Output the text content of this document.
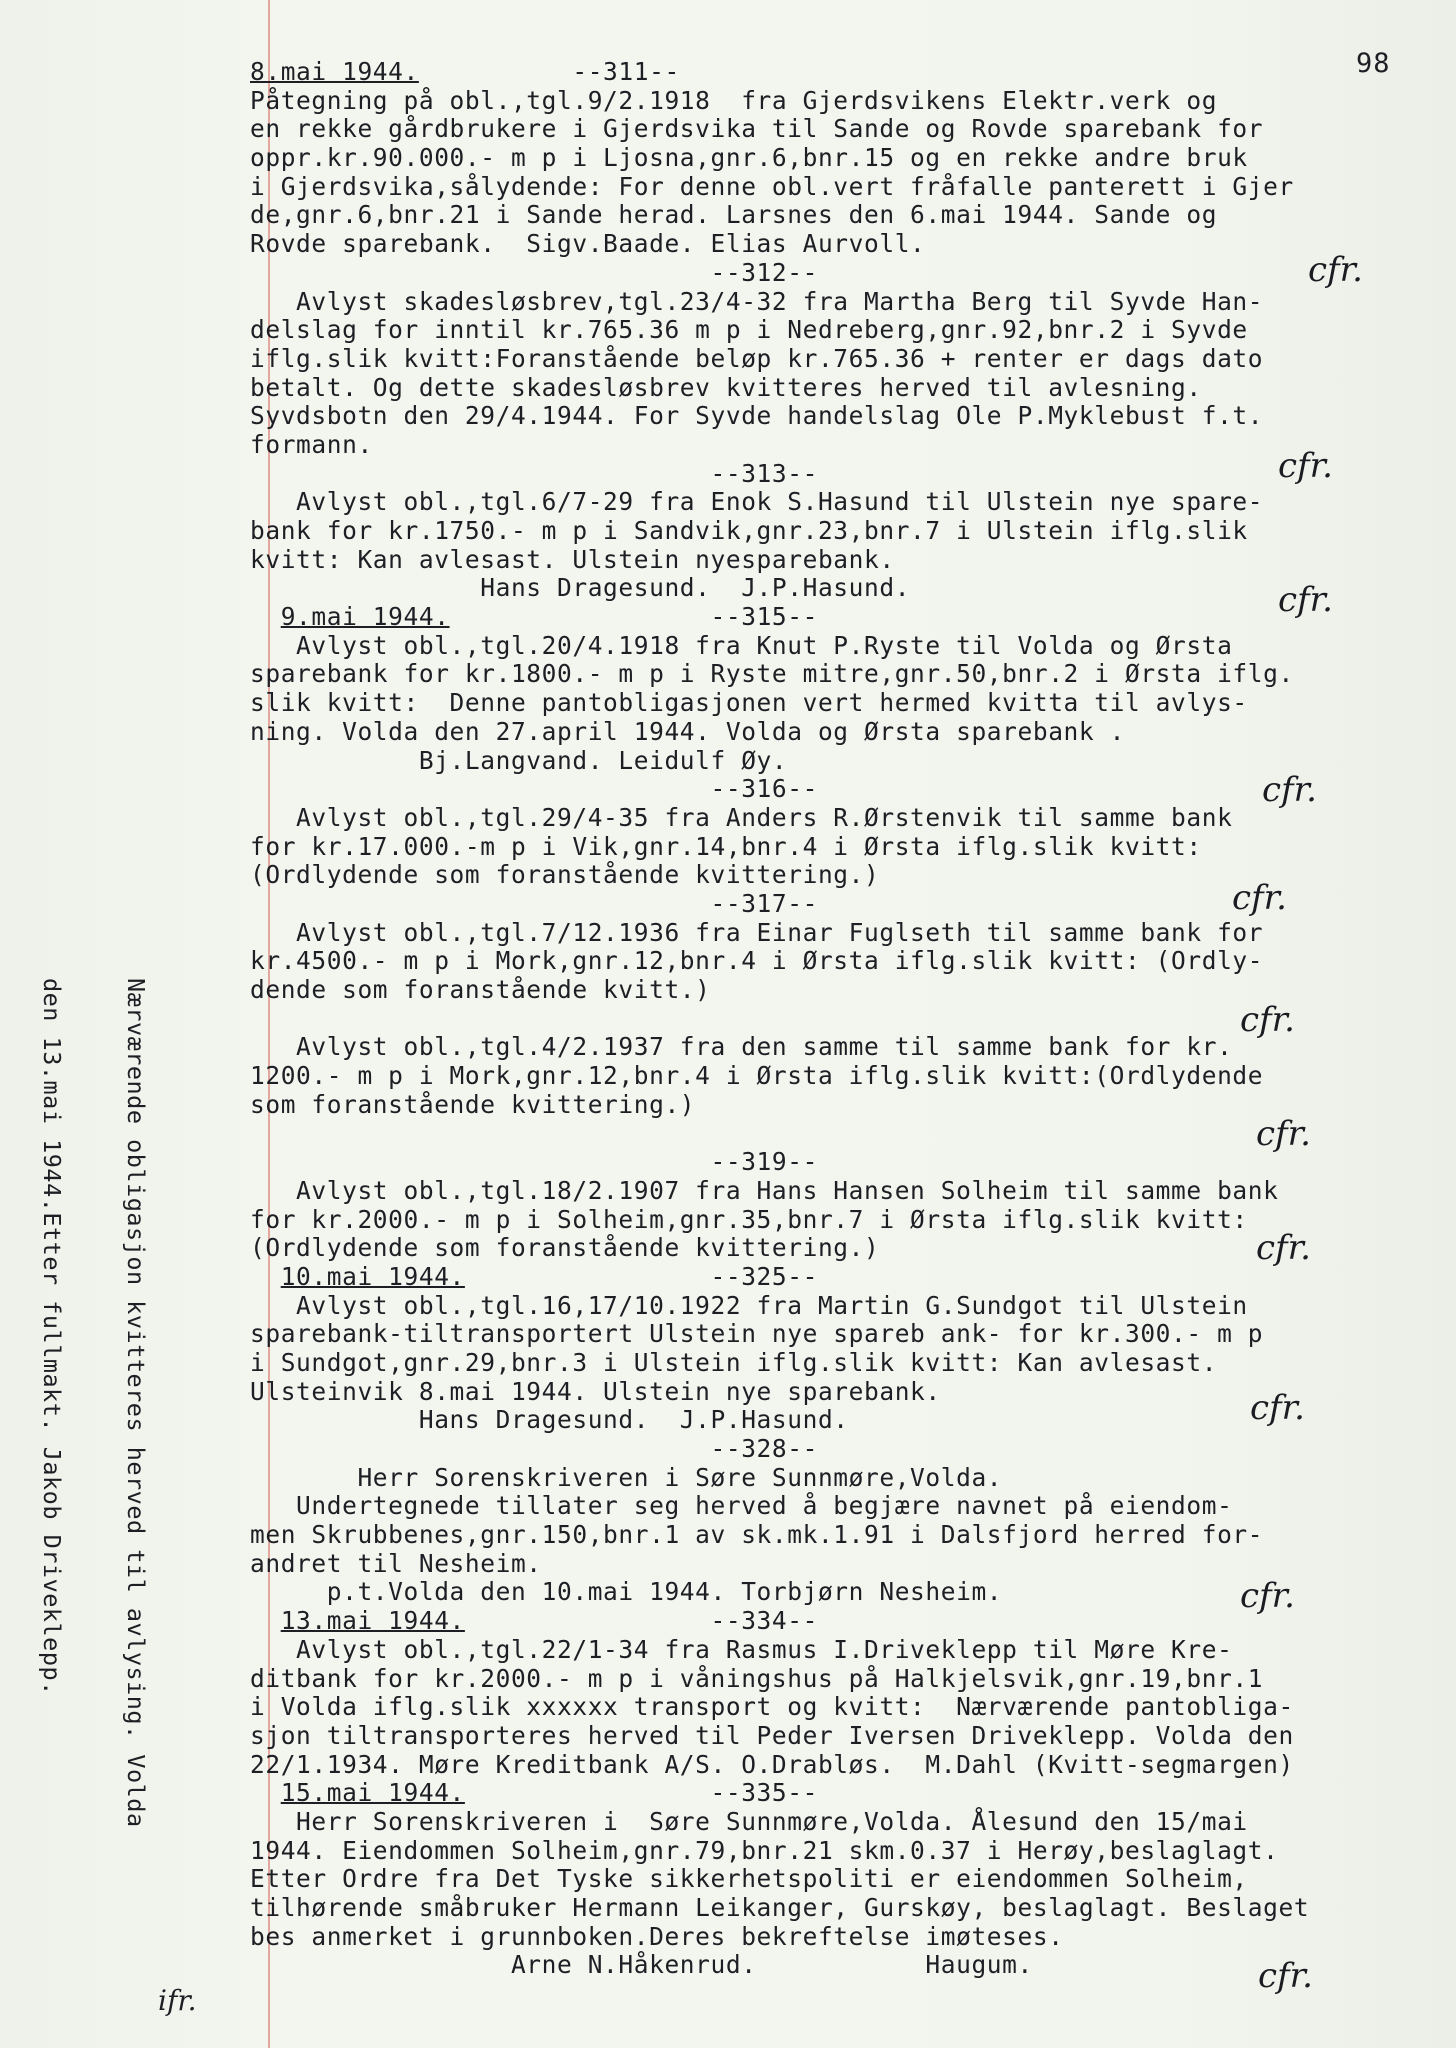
98
8.mai 1944.          --311--
Påtegning på obl.,tgl.9/2.1918  fra Gjerdsvikens Elektr.verk og
en rekke gårdbrukere i Gjerdsvika til Sande og Rovde sparebank for
oppr.kr.90.000.- m p i Ljosna,gnr.6,bnr.15 og en rekke andre bruk
i Gjerdsvika,sålydende: For denne obl.vert fråfalle panterett i Gjer
de,gnr.6,bnr.21 i Sande herad. Larsnes den 6.mai 1944. Sande og
Rovde sparebank.  Sigv.Baade. Elias Aurvoll.
--312--
Avlyst skadesløsbrev,tgl.23/4-32 fra Martha Berg til Syvde Han-
delslag for inntil kr.765.36 m p i Nedreberg,gnr.92,bnr.2 i Syvde
iflg.slik kvitt:Foranstående beløp kr.765.36 + renter er dags dato
betalt. Og dette skadesløsbrev kvitteres herved til avlesning.
Syvdsbotn den 29/4.1944. For Syvde handelslag Ole P.Myklebust f.t.
formann.
--313--
Avlyst obl.,tgl.6/7-29 fra Enok S.Hasund til Ulstein nye spare-
bank for kr.1750.- m p i Sandvik,gnr.23,bnr.7 i Ulstein iflg.slik
kvitt: Kan avlesast. Ulstein nyesparebank.
Hans Dragesund.  J.P.Hasund.
9.mai 1944.                 --315--
Avlyst obl.,tgl.20/4.1918 fra Knut P.Ryste til Volda og Ørsta
sparebank for kr.1800.- m p i Ryste mitre,gnr.50,bnr.2 i Ørsta iflg.
slik kvitt:  Denne pantobligasjonen vert hermed kvitta til avlys-
ning. Volda den 27.april 1944. Volda og Ørsta sparebank .
Bj.Langvand. Leidulf Øy.
--316--
Avlyst obl.,tgl.29/4-35 fra Anders R.Ørstenvik til samme bank
for kr.17.000.-m p i Vik,gnr.14,bnr.4 i Ørsta iflg.slik kvitt:
(Ordlydende som foranstående kvittering.)
--317--
Avlyst obl.,tgl.7/12.1936 fra Einar Fuglseth til samme bank for
kr.4500.- m p i Mork,gnr.12,bnr.4 i Ørsta iflg.slik kvitt: (Ordly-
dende som foranstående kvitt.)
Avlyst obl.,tgl.4/2.1937 fra den samme til samme bank for kr.
1200.- m p i Mork,gnr.12,bnr.4 i Ørsta iflg.slik kvitt:(Ordlydende
som foranstående kvittering.)
--319--
Avlyst obl.,tgl.18/2.1907 fra Hans Hansen Solheim til samme bank
for kr.2000.- m p i Solheim,gnr.35,bnr.7 i Ørsta iflg.slik kvitt:
(Ordlydende som foranstående kvittering.)
10.mai 1944.                --325--
Avlyst obl.,tgl.16,17/10.1922 fra Martin G.Sundgot til Ulstein
sparebank-tiltransportert Ulstein nye spareb ank- for kr.300.- m p
i Sundgot,gnr.29,bnr.3 i Ulstein iflg.slik kvitt: Kan avlesast.
Ulsteinvik 8.mai 1944. Ulstein nye sparebank.
Hans Dragesund.  J.P.Hasund.
--328--
Herr Sorenskriveren i Søre Sunnmøre,Volda.
Undertegnede tillater seg herved å begjære navnet på eiendom-
men Skrubbenes,gnr.150,bnr.1 av sk.mk.1.91 i Dalsfjord herred for-
andret til Nesheim.
p.t.Volda den 10.mai 1944. Torbjørn Nesheim.
13.mai 1944.                --334--
Avlyst obl.,tgl.22/1-34 fra Rasmus I.Driveklepp til Møre Kre-
ditbank for kr.2000.- m p i våningshus på Halkjelsvik,gnr.19,bnr.1
i Volda iflg.slik xxxxxx transport og kvitt:  Nærværende pantobliga-
sjon tiltransporteres herved til Peder Iversen Driveklepp. Volda den
22/1.1934. Møre Kreditbank A/S. O.Drabløs.  M.Dahl (Kvitt-segmargen)
15.mai 1944.                --335--
Herr Sorenskriveren i  Søre Sunnmøre,Volda. Ålesund den 15/mai
1944. Eiendommen Solheim,gnr.79,bnr.21 skm.0.37 i Herøy,beslaglagt.
Etter Ordre fra Det Tyske sikkerhetspoliti er eiendommen Solheim,
tilhørende småbruker Hermann Leikanger, Gurskøy, beslaglagt. Beslaget
bes anmerket i grunnboken.Deres bekreftelse imøteses.
Arne N.Håkenrud.           Haugum.

Nærværende obligasjon kvitteres herved til avlysing. Volda

den 13.mai 1944.Etter fullmakt. Jakob Driveklepp.

ifr.
cfr.
cfr.
cfr.
cfr.
cfr.
cfr.
cfr.
cfr.
cfr.
cfr.
cfr.
